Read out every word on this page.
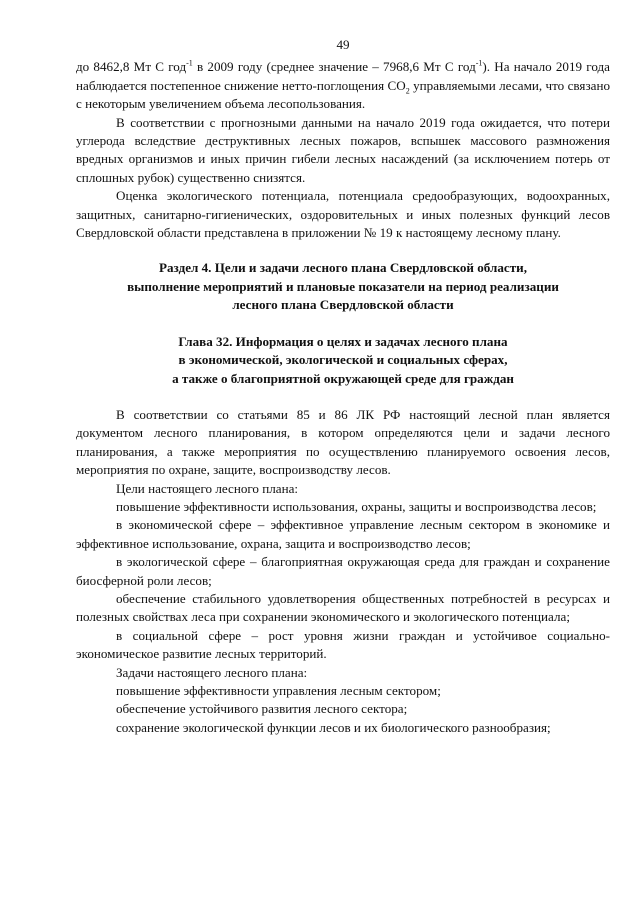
49

до 8462,8 Мт С год$^{-1}$ в 2009 году (среднее значение – 7968,6 Мт С год$^{-1}$). На начало 2019 года наблюдается постепенное снижение нетто-поглощения $СО_2$ управляемыми лесами, что связано с некоторым увеличением объема лесопользования.

В соответствии с прогнозными данными на начало 2019 года ожидается, что потери углерода вследствие деструктивных лесных пожаров, вспышек массового размножения вредных организмов и иных причин гибели лесных насаждений (за исключением потерь от сплошных рубок) существенно снизятся.

Оценка экологического потенциала, потенциала средообразующих, водоохранных, защитных, санитарно-гигиенических, оздоровительных и иных полезных функций лесов Свердловской области представлена в приложении № 19 к настоящему лесному плану.

Раздел 4. Цели и задачи лесного плана Свердловской области,
выполнение мероприятий и плановые показатели на период реализации
лесного плана Свердловской области

Глава 32. Информация о целях и задачах лесного плана
в экономической, экологической и социальных сферах,
а также о благоприятной окружающей среде для граждан

В соответствии со статьями 85 и 86 ЛК РФ настоящий лесной план является документом лесного планирования, в котором определяются цели и задачи лесного планирования, а также мероприятия по осуществлению планируемого освоения лесов, мероприятия по охране, защите, воспроизводству лесов.

Цели настоящего лесного плана:

повышение эффективности использования, охраны, защиты и воспроизводства лесов;

в экономической сфере – эффективное управление лесным сектором в экономике и эффективное использование, охрана, защита и воспроизводство лесов;

в экологической сфере – благоприятная окружающая среда для граждан и сохранение биосферной роли лесов;

обеспечение стабильного удовлетворения общественных потребностей в ресурсах и полезных свойствах леса при сохранении экономического и экологического потенциала;

в социальной сфере – рост уровня жизни граждан и устойчивое социально-экономическое развитие лесных территорий.

Задачи настоящего лесного плана:

повышение эффективности управления лесным сектором;

обеспечение устойчивого развития лесного сектора;

сохранение экологической функции лесов и их биологического разнообразия;
